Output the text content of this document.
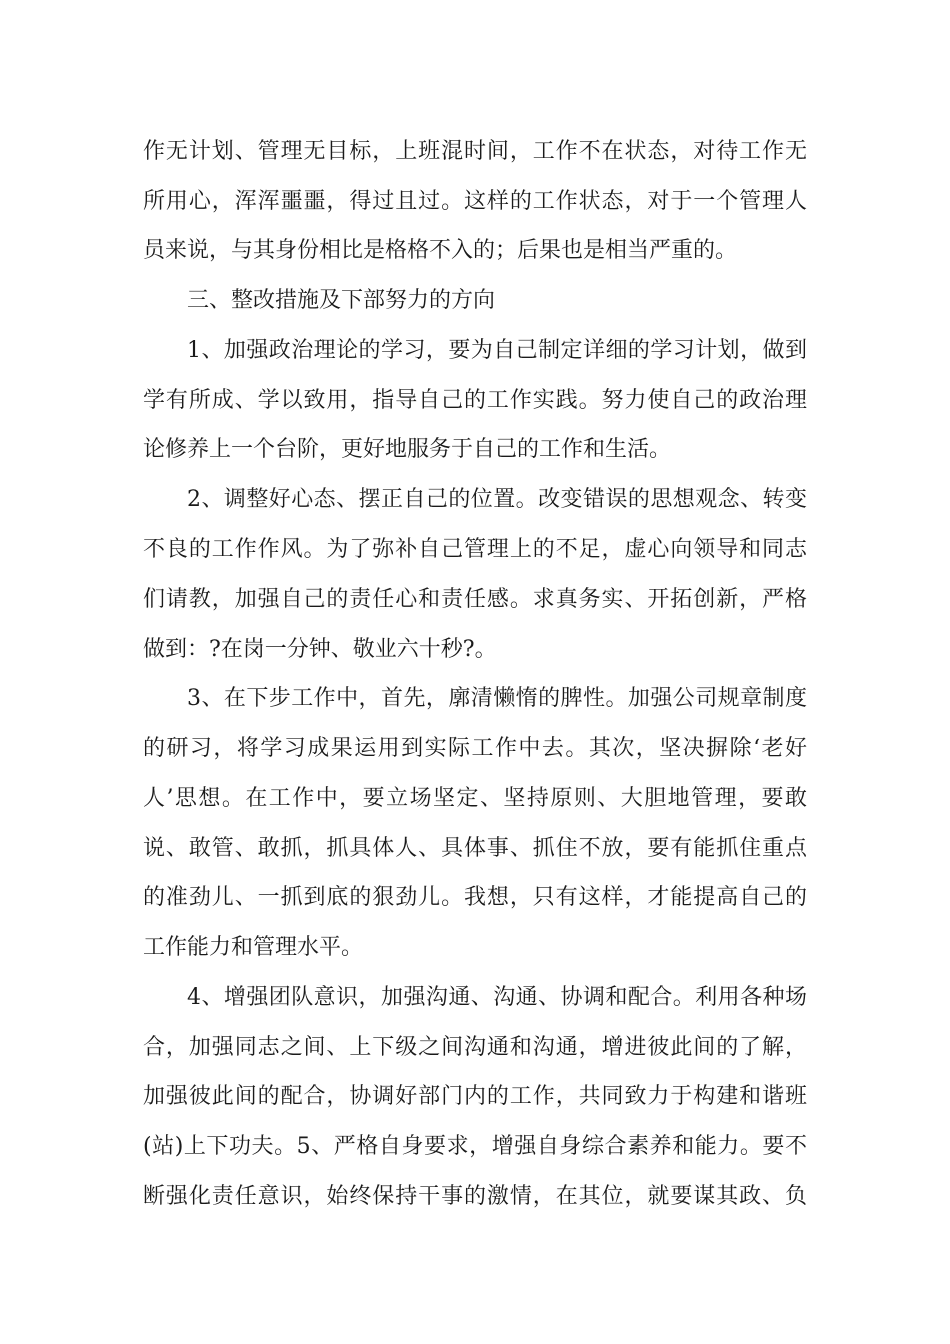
作无计划、管理无目标，上班混时间，工作不在状态，对待工作无
所用心，浑浑噩噩，得过且过。这样的工作状态，对于一个管理人
员来说，与其身份相比是格格不入的；后果也是相当严重的。
三、整改措施及下部努力的方向
1、加强政治理论的学习，要为自己制定详细的学习计划，做到
学有所成、学以致用，指导自己的工作实践。努力使自己的政治理
论修养上一个台阶，更好地服务于自己的工作和生活。
2、调整好心态、摆正自己的位置。改变错误的思想观念、转变
不良的工作作风。为了弥补自己管理上的不足，虚心向领导和同志
们请教，加强自己的责任心和责任感。求真务实、开拓创新，严格
做到：?在岗一分钟、敬业六十秒?。
3、在下步工作中，首先，廓清懒惰的脾性。加强公司规章制度
的研习，将学习成果运用到实际工作中去。其次，坚决摒除‘老好
人’思想。在工作中，要立场坚定、坚持原则、大胆地管理，要敢
说、敢管、敢抓，抓具体人、具体事、抓住不放，要有能抓住重点
的准劲儿、一抓到底的狠劲儿。我想，只有这样，才能提高自己的
工作能力和管理水平。
4、增强团队意识，加强沟通、沟通、协调和配合。利用各种场
合，加强同志之间、上下级之间沟通和沟通，增进彼此间的了解，
加强彼此间的配合，协调好部门内的工作，共同致力于构建和谐班
(站)上下功夫。5、严格自身要求，增强自身综合素养和能力。要不
断强化责任意识，始终保持干事的激情，在其位，就要谋其政、负
